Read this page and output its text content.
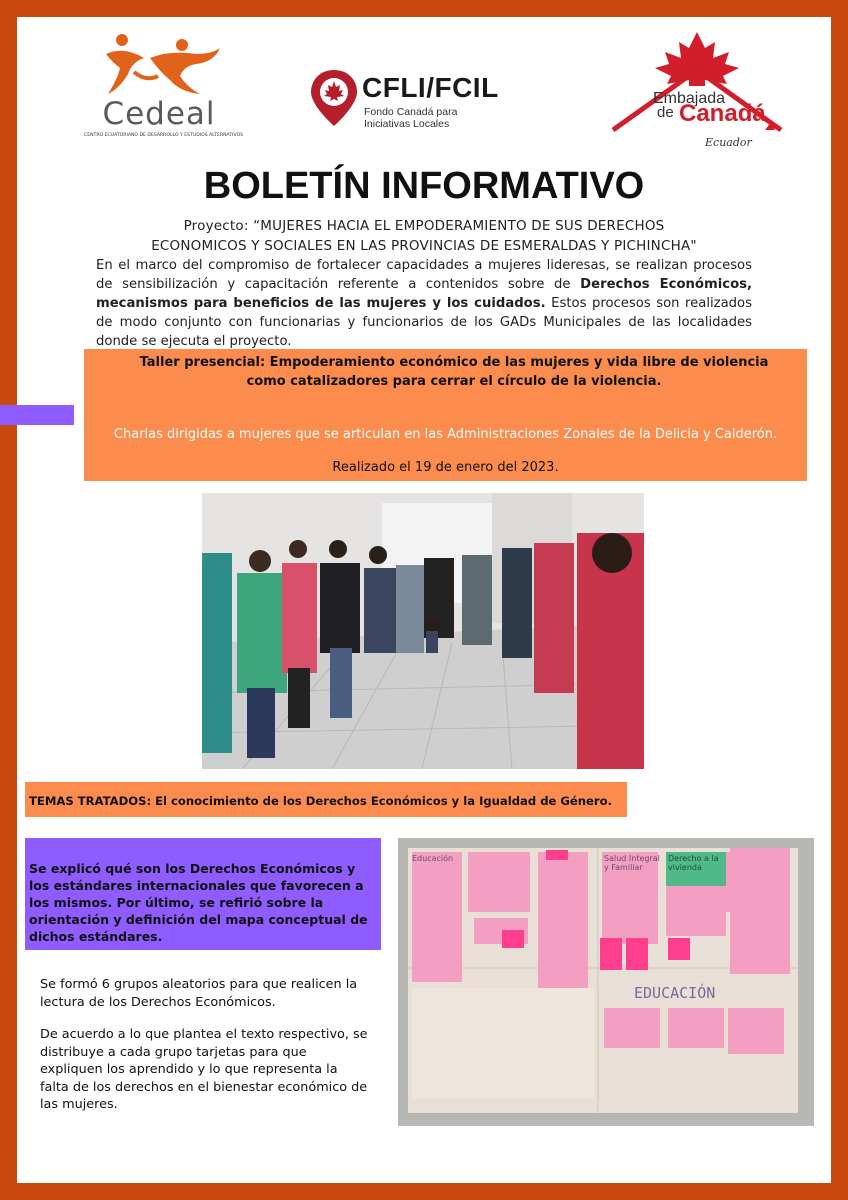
Cedeal
CENTRO ECUATORIANO DE DESARROLLO Y ESTUDIOS ALTERNATIVOS
CFLI/FCIL
Fondo Canadá para
Iniciativas Locales
Embajada
de Canadá
Ecuador
BOLETÍN INFORMATIVO
Proyecto: “MUJERES HACIA EL EMPODERAMIENTO DE SUS DERECHOS
ECONOMICOS Y SOCIALES EN LAS PROVINCIAS DE ESMERALDAS Y PICHINCHA"
En el marco del compromiso de fortalecer capacidades a mujeres lideresas, se realizan procesos de sensibilización y capacitación referente a contenidos sobre de Derechos Económicos, mecanismos para beneficios de las mujeres y los cuidados. Estos procesos son realizados de modo conjunto con funcionarias y funcionarios de los GADs Municipales de las localidades donde se ejecuta el proyecto.
Taller presencial: Empoderamiento económico de las mujeres y vida libre de violencia como catalizadores para cerrar el círculo de la violencia.
Charlas dirigidas a mujeres que se articulan en las Administraciones Zonales de la Delicia y Calderón.
Realizado el 19 de enero del 2023.
TEMAS TRATADOS: El conocimiento de los Derechos Económicos y la Igualdad de Género.
Se explicó qué son los Derechos Económicos y los estándares internacionales que favorecen a los mismos. Por último, se refirió sobre la orientación y definición del mapa conceptual de dichos estándares.
Se formó 6 grupos aleatorios para que realicen la lectura de los Derechos Económicos.
De acuerdo a lo que plantea el texto respectivo, se distribuye a cada grupo tarjetas para que expliquen los aprendido y lo que representa la falta de los derechos en el bienestar económico de las mujeres.
EDUCACIÓN
Educación	Salud Integral y Familiar
Derecho a la vivienda
